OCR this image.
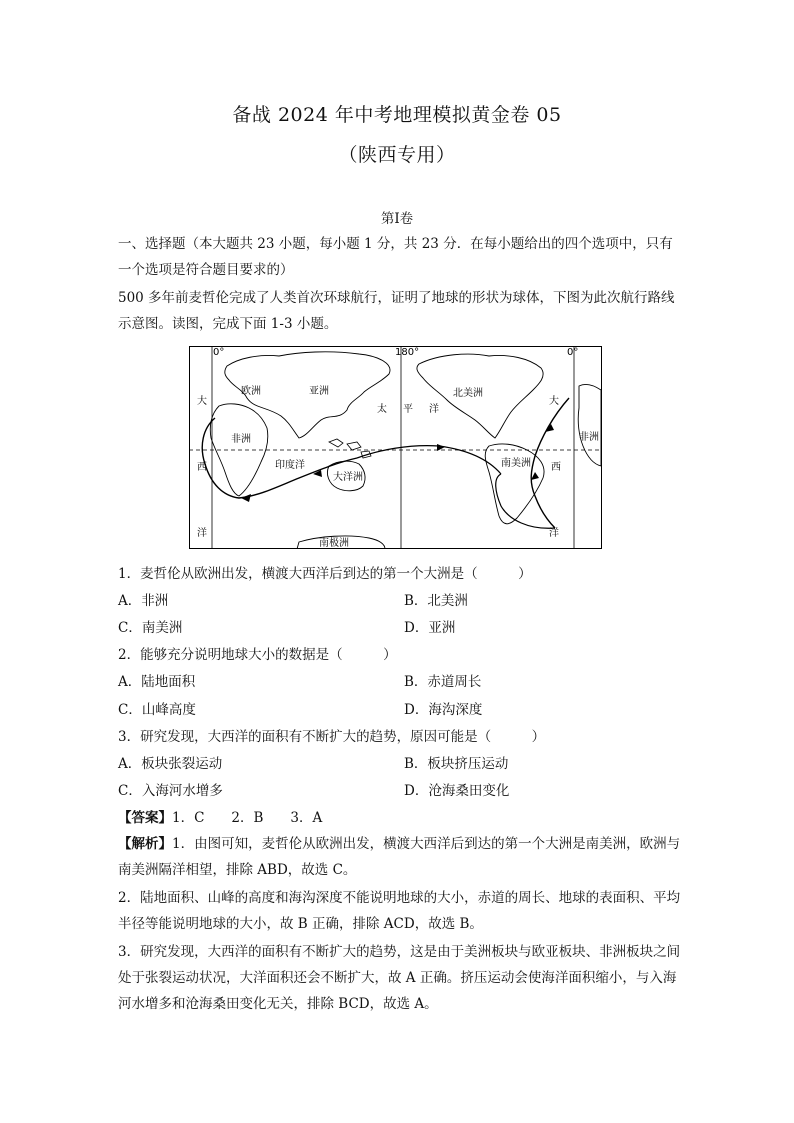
备战 2024 年中考地理模拟黄金卷 05
（陕西专用）
第Ⅰ卷

一、选择题（本大题共 23 小题，每小题 1 分，共 23 分．在每小题给出的四个选项中，只有一个选项是符合题目要求的）

500 多年前麦哲伦完成了人类首次环球航行，证明了地球的形状为球体，下图为此次航行路线示意图。读图，完成下面 1-3 小题。

0°	180°	0°
欧洲	亚洲
非洲
北美洲
南美洲
大洋洲
南极洲
印度洋
太 平 洋
大
西
洋
大
西
洋
非洲
1．麦哲伦从欧洲出发，横渡大西洋后到达的第一个大洲是（　　　）
A．非洲	B．北美洲
C．南美洲	D．亚洲
2．能够充分说明地球大小的数据是（　　　）
A．陆地面积	B．赤道周长
C．山峰高度	D．海沟深度
3．研究发现，大西洋的面积有不断扩大的趋势，原因可能是（　　　）
A．板块张裂运动	B．板块挤压运动
C．入海河水增多	D．沧海桑田变化
【答案】1．C　　2．B　　3．A

【解析】1．由图可知，麦哲伦从欧洲出发，横渡大西洋后到达的第一个大洲是南美洲，欧洲与南美洲隔洋相望，排除 ABD，故选 C。

2．陆地面积、山峰的高度和海沟深度不能说明地球的大小，赤道的周长、地球的表面积、平均半径等能说明地球的大小，故 B 正确，排除 ACD，故选 B。

3．研究发现，大西洋的面积有不断扩大的趋势，这是由于美洲板块与欧亚板块、非洲板块之间处于张裂运动状况，大洋面积还会不断扩大，故 A 正确。挤压运动会使海洋面积缩小，与入海河水增多和沧海桑田变化无关，排除 BCD，故选 A。
